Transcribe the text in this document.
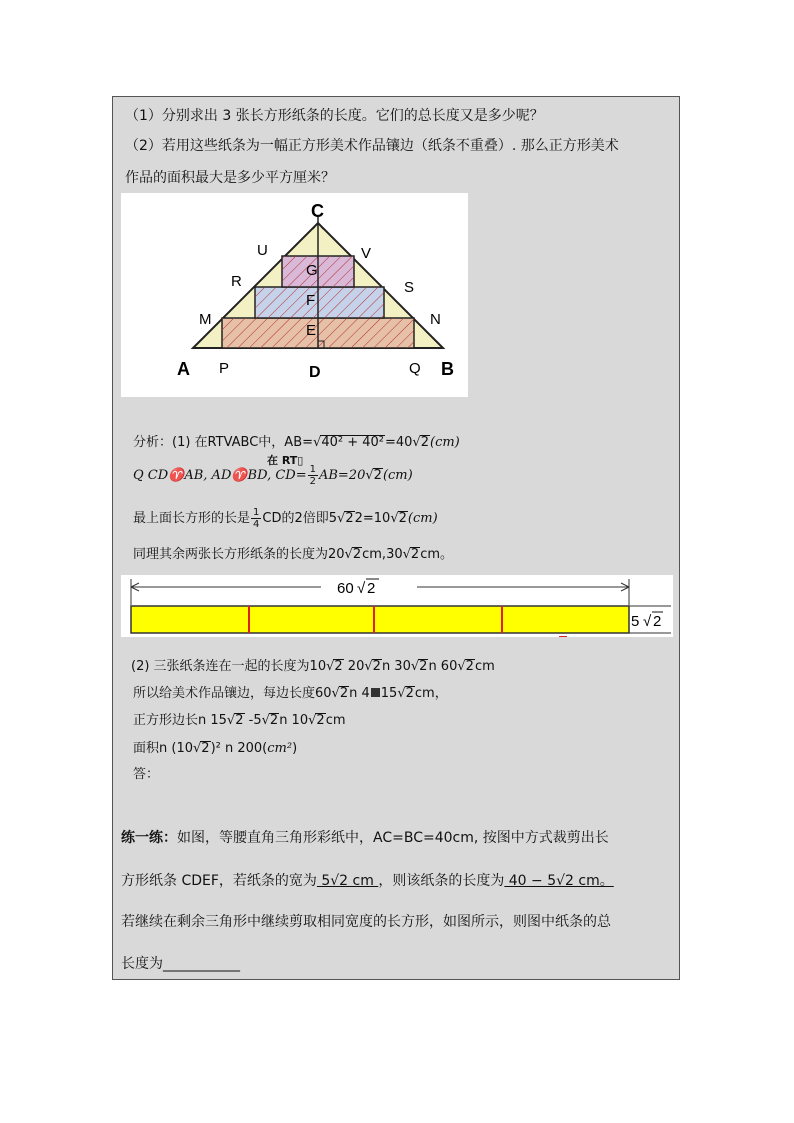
（1）分别求出 3 张长方形纸条的长度。它们的总长度又是多少呢？
（2）若用这些纸条为一幅正方形美术作品镶边（纸条不重叠）. 那么正方形美术
作品的面积最大是多少平方厘米？
C
U	V
G
R	S
F
M	N
E
A P	D	Q B
分析：(1) 在RTVABC中，AB=√40² + 40²=40√2(cm)
在 RT▯
Q CD♈AB, AD♈BD, $CD= \frac{1}{2} AB=20√2(cm)$
最上面长方形的长是 $\frac{1}{4}$ CD的2倍即5√22=10√2(cm)
同理其余两张长方形纸条的长度为20√2cm,30√2cm。
60 √ 2
5 √ 2
(2) 三张纸条连在一起的长度为10√2 20√2n 30√2n 60√2cm
所以给美术作品镶边，每边长度60√2n 4 15√2cm，
正方形边长n 15√2 -5√2n 10√2cm
面积n (10√2)² n 200(cm²)
答：
练一练：如图，等腰直角三角形彩纸中，AC=BC=40cm, 按图中方式裁剪出长
方形纸条 CDEF，若纸条的宽为 5√2 cm ，则该纸条的长度为 40 − 5√2 cm。
若继续在剩余三角形中继续剪取相同宽度的长方形，如图所示，则图中纸条的总
长度为___________
